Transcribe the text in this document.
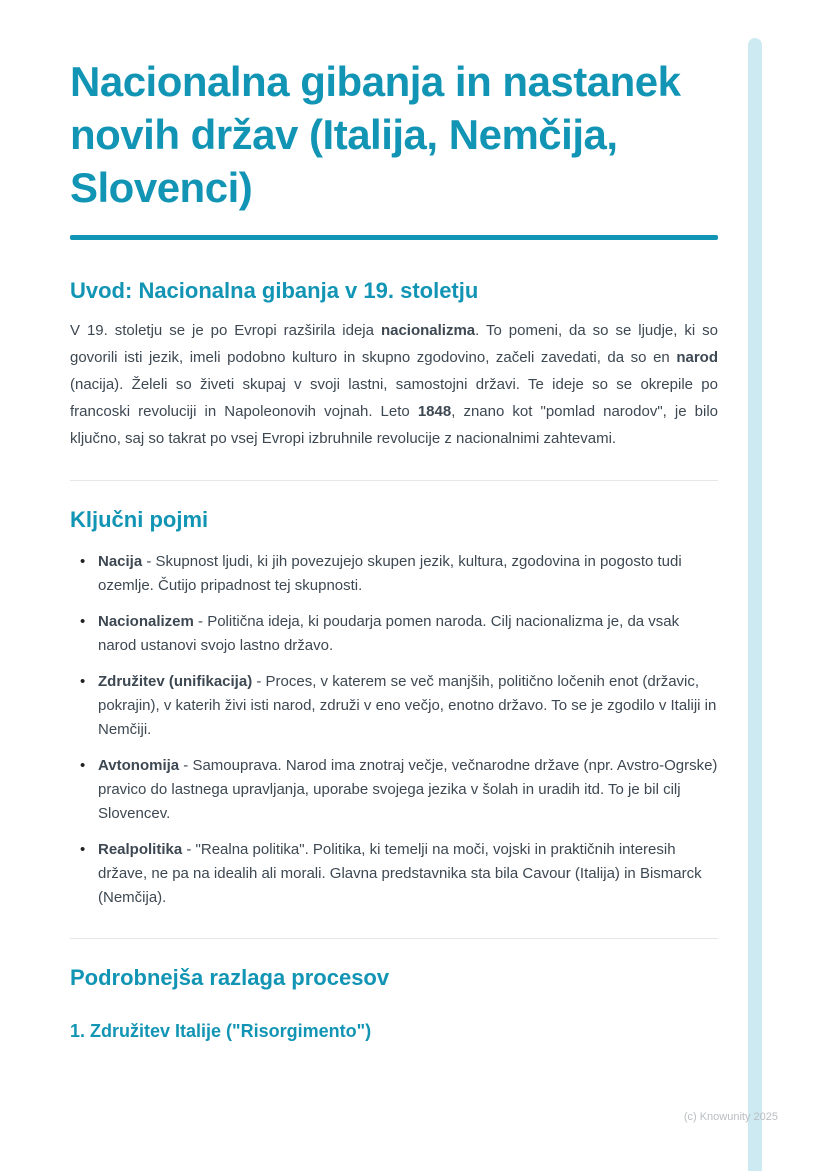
Nacionalna gibanja in nastanek novih držav (Italija, Nemčija, Slovenci)
Uvod: Nacionalna gibanja v 19. stoletju

V 19. stoletju se je po Evropi razširila ideja nacionalizma. To pomeni, da so se ljudje, ki so govorili isti jezik, imeli podobno kulturo in skupno zgodovino, začeli zavedati, da so en narod (nacija). Želeli so živeti skupaj v svoji lastni, samostojni državi. Te ideje so se okrepile po francoski revoluciji in Napoleonovih vojnah. Leto 1848, znano kot "pomlad narodov", je bilo ključno, saj so takrat po vsej Evropi izbruhnile revolucije z nacionalnimi zahtevami.

Ključni pojmi
• Nacija - Skupnost ljudi, ki jih povezujejo skupen jezik, kultura, zgodovina in pogosto tudi ozemlje. Čutijo pripadnost tej skupnosti.
• Nacionalizem - Politična ideja, ki poudarja pomen naroda. Cilj nacionalizma je, da vsak narod ustanovi svojo lastno državo.
• Združitev (unifikacija) - Proces, v katerem se več manjših, politično ločenih enot (državic, pokrajin), v katerih živi isti narod, združi v eno večjo, enotno državo. To se je zgodilo v Italiji in Nemčiji.
• Avtonomija - Samouprava. Narod ima znotraj večje, večnarodne države (npr. Avstro-Ogrske) pravico do lastnega upravljanja, uporabe svojega jezika v šolah in uradih itd. To je bil cilj Slovencev.
• Realpolitika - "Realna politika". Politika, ki temelji na moči, vojski in praktičnih interesih države, ne pa na idealih ali morali. Glavna predstavnika sta bila Cavour (Italija) in Bismarck (Nemčija).
Podrobnejša razlaga procesov
1. Združitev Italije ("Risorgimento")
(c) Knowunity 2025
